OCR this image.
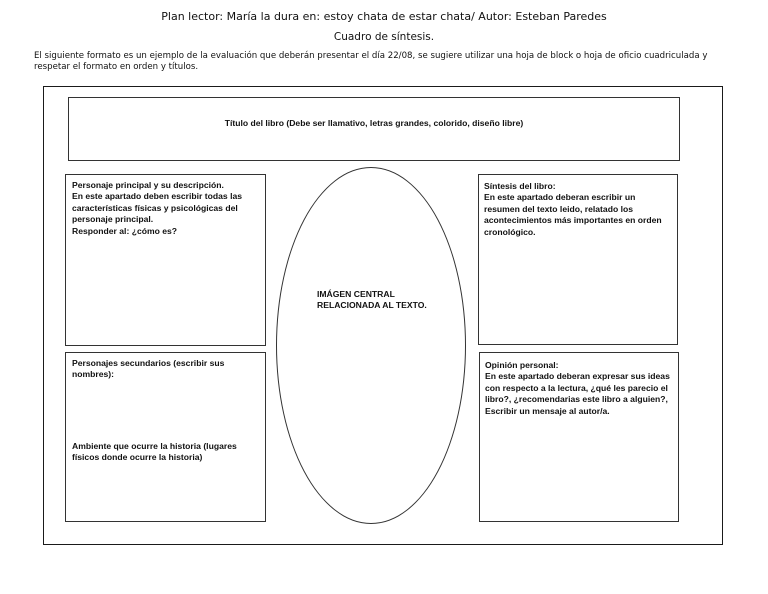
Plan lector: María la dura en: estoy chata de estar chata/ Autor: Esteban Paredes
Cuadro de síntesis.

El siguiente formato es un ejemplo de la evaluación que deberán presentar el día 22/08, se sugiere utilizar una hoja de block o hoja de oficio cuadriculada y respetar el formato en orden y títulos.

Título del libro (Debe ser llamativo, letras grandes, colorido, diseño libre)

Personaje principal y su descripción.

En este apartado deben escribir todas las características físicas y psicológicas del personaje principal.

Responder al: ¿cómo es?

Personajes secundarios (escribir sus nombres):

Ambiente que ocurre la historia (lugares físicos donde ocurre la historia)

IMÁGEN CENTRAL RELACIONADA AL TEXTO.

Síntesis del libro:

En este apartado deberan escribir un resumen del texto leido, relatado los acontecimientos más importantes en orden cronológico.

Opinión personal:

En este apartado deberan expresar sus ideas con respecto a la lectura, ¿qué les parecio el libro?, ¿recomendarias este libro a alguien?, Escribir un mensaje al autor/a.
